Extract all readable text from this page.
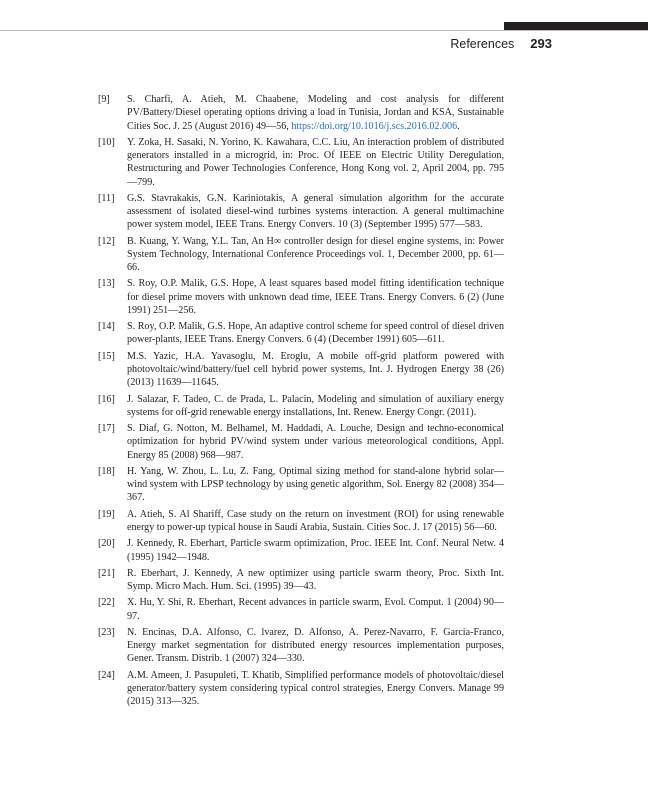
References 293
[9]	S. Charfi, A. Atieh, M. Chaabene, Modeling and cost analysis for different PV/Battery/Diesel operating options driving a load in Tunisia, Jordan and KSA, Sustainable Cities Soc. J. 25 (August 2016) 49—56, https://doi.org/10.1016/j.scs.2016.02.006.
[10]	Y. Zoka, H. Sasaki, N. Yorino, K. Kawahara, C.C. Liu, An interaction problem of distributed generators installed in a microgrid, in: Proc. Of IEEE on Electric Utility Deregulation, Restructuring and Power Technologies Conference, Hong Kong vol. 2, April 2004, pp. 795—799.
[11]	G.S. Stavrakakis, G.N. Kariniotakis, A general simulation algorithm for the accurate assessment of isolated diesel-wind turbines systems interaction. A general multimachine power system model, IEEE Trans. Energy Convers. 10 (3) (September 1995) 577—583.
[12]	B. Kuang, Y. Wang, Y.L. Tan, An H∞ controller design for diesel engine systems, in: Power System Technology, International Conference Proceedings vol. 1, December 2000, pp. 61—66.
[13]	S. Roy, O.P. Malik, G.S. Hope, A least squares based model fitting identification technique for diesel prime movers with unknown dead time, IEEE Trans. Energy Convers. 6 (2) (June 1991) 251—256.
[14]	S. Roy, O.P. Malik, G.S. Hope, An adaptive control scheme for speed control of diesel driven power-plants, IEEE Trans. Energy Convers. 6 (4) (December 1991) 605—611.
[15]	M.S. Yazic, H.A. Yavasoglu, M. Eroglu, A mobile off-grid platform powered with photovoltaic/wind/battery/fuel cell hybrid power systems, Int. J. Hydrogen Energy 38 (26) (2013) 11639—11645.
[16]	J. Salazar, F. Tadeo, C. de Prada, L. Palacin, Modeling and simulation of auxiliary energy systems for off-grid renewable energy installations, Int. Renew. Energy Congr. (2011).
[17]	S. Diaf, G. Notton, M. Belhamel, M. Haddadi, A. Louche, Design and techno-economical optimization for hybrid PV/wind system under various meteorological conditions, Appl. Energy 85 (2008) 968—987.
[18]	H. Yang, W. Zhou, L. Lu, Z. Fang, Optimal sizing method for stand-alone hybrid solar—wind system with LPSP technology by using genetic algorithm, Sol. Energy 82 (2008) 354—367.
[19]	A. Atieh, S. Al Shariff, Case study on the return on investment (ROI) for using renewable energy to power-up typical house in Saudi Arabia, Sustain. Cities Soc. J. 17 (2015) 56—60.
[20]	J. Kennedy, R. Eberhart, Particle swarm optimization, Proc. IEEE Int. Conf. Neural Netw. 4 (1995) 1942—1948.
[21]	R. Eberhart, J. Kennedy, A new optimizer using particle swarm theory, Proc. Sixth Int. Symp. Micro Mach. Hum. Sci. (1995) 39—43.
[22]	X. Hu, Y. Shi, R. Eberhart, Recent advances in particle swarm, Evol. Comput. 1 (2004) 90—97.
[23]	N. Encinas, D.A. Alfonso, C. lvarez, D. Alfonso, A. Perez-Navarro, F. Garcia-Franco, Energy market segmentation for distributed energy resources implementation purposes, Gener. Transm. Distrib. 1 (2007) 324—330.
[24]	A.M. Ameen, J. Pasupuleti, T. Khatib, Simplified performance models of photovoltaic/diesel generator/battery system considering typical control strategies, Energy Convers. Manage 99 (2015) 313—325.
